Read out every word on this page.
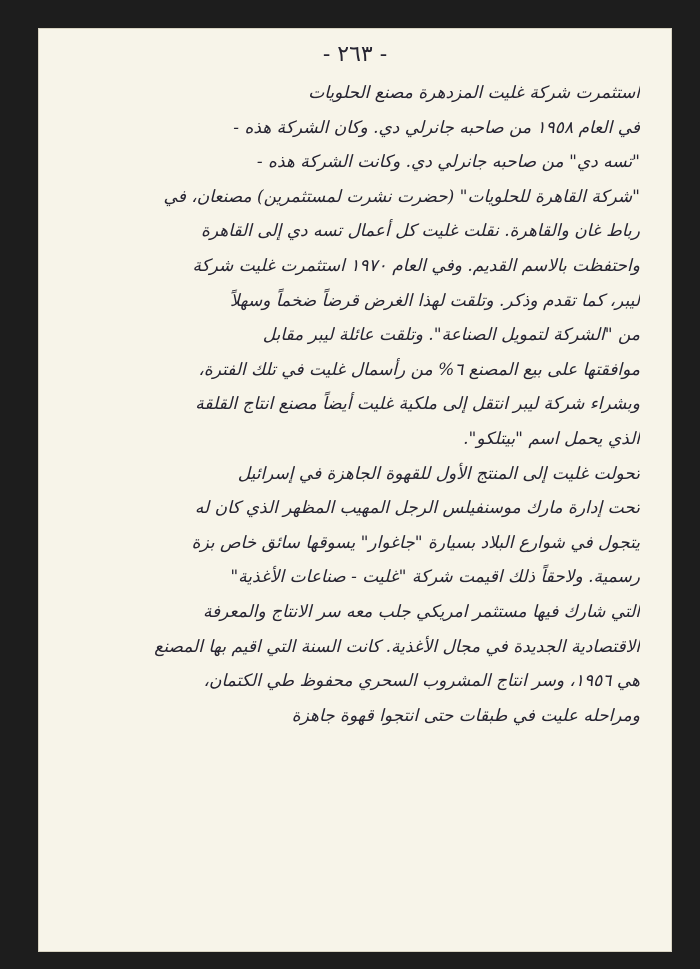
- ٢٦٣ -
استثمرت شركة غليت المزدهرة مصنع الحلويات
في العام ١٩٥٨ من صاحبه جانرلي دي. وكان الشركة هذه -
"تسه دي" من صاحبه جانرلي دي. وكانت الشركة هذه -
"شركة القاهرة للحلويات" (حضرت نشرت لمستثمرين) مصنعان، في
رباط غان والقاهرة. نقلت غليت كل أعمال تسه دي إلى القاهرة
واحتفظت بالاسم القديم. وفي العام ١٩٧٠ استثمرت غليت شركة
ليبر، كما تقدم وذكر. وتلقت لهذا الغرض قرضاً ضخماً وسهلاً
من "الشركة لتمويل الصناعة". وتلقت عائلة ليبر مقابل
موافقتها على بيع المصنع ٦% من رأسمال غليت في تلك الفترة،
وبشراء شركة ليبر انتقل إلى ملكية غليت أيضاً مصنع انتاج القلقة
الذي يحمل اسم "بيتلكو".
تحولت غليت إلى المنتج الأول للقهوة الجاهزة في إسرائيل
تحت إدارة مارك موسنفيلس الرجل المهيب المظهر الذي كان له
يتجول في شوارع البلاد بسيارة "جاغوار" يسوقها سائق خاص بزة
رسمية. ولاحقاً ذلك اقيمت شركة "غليت - صناعات الأغذية"
التي شارك فيها مستثمر امريكي جلب معه سر الانتاج والمعرفة
الاقتصادية الجديدة في مجال الأغذية. كانت السنة التي اقيم بها المصنع
هي ١٩٥٦، وسر انتاج المشروب السحري محفوظ طي الكتمان،
ومراحله عليت في طبقات حتى انتجوا قهوة جاهزة
